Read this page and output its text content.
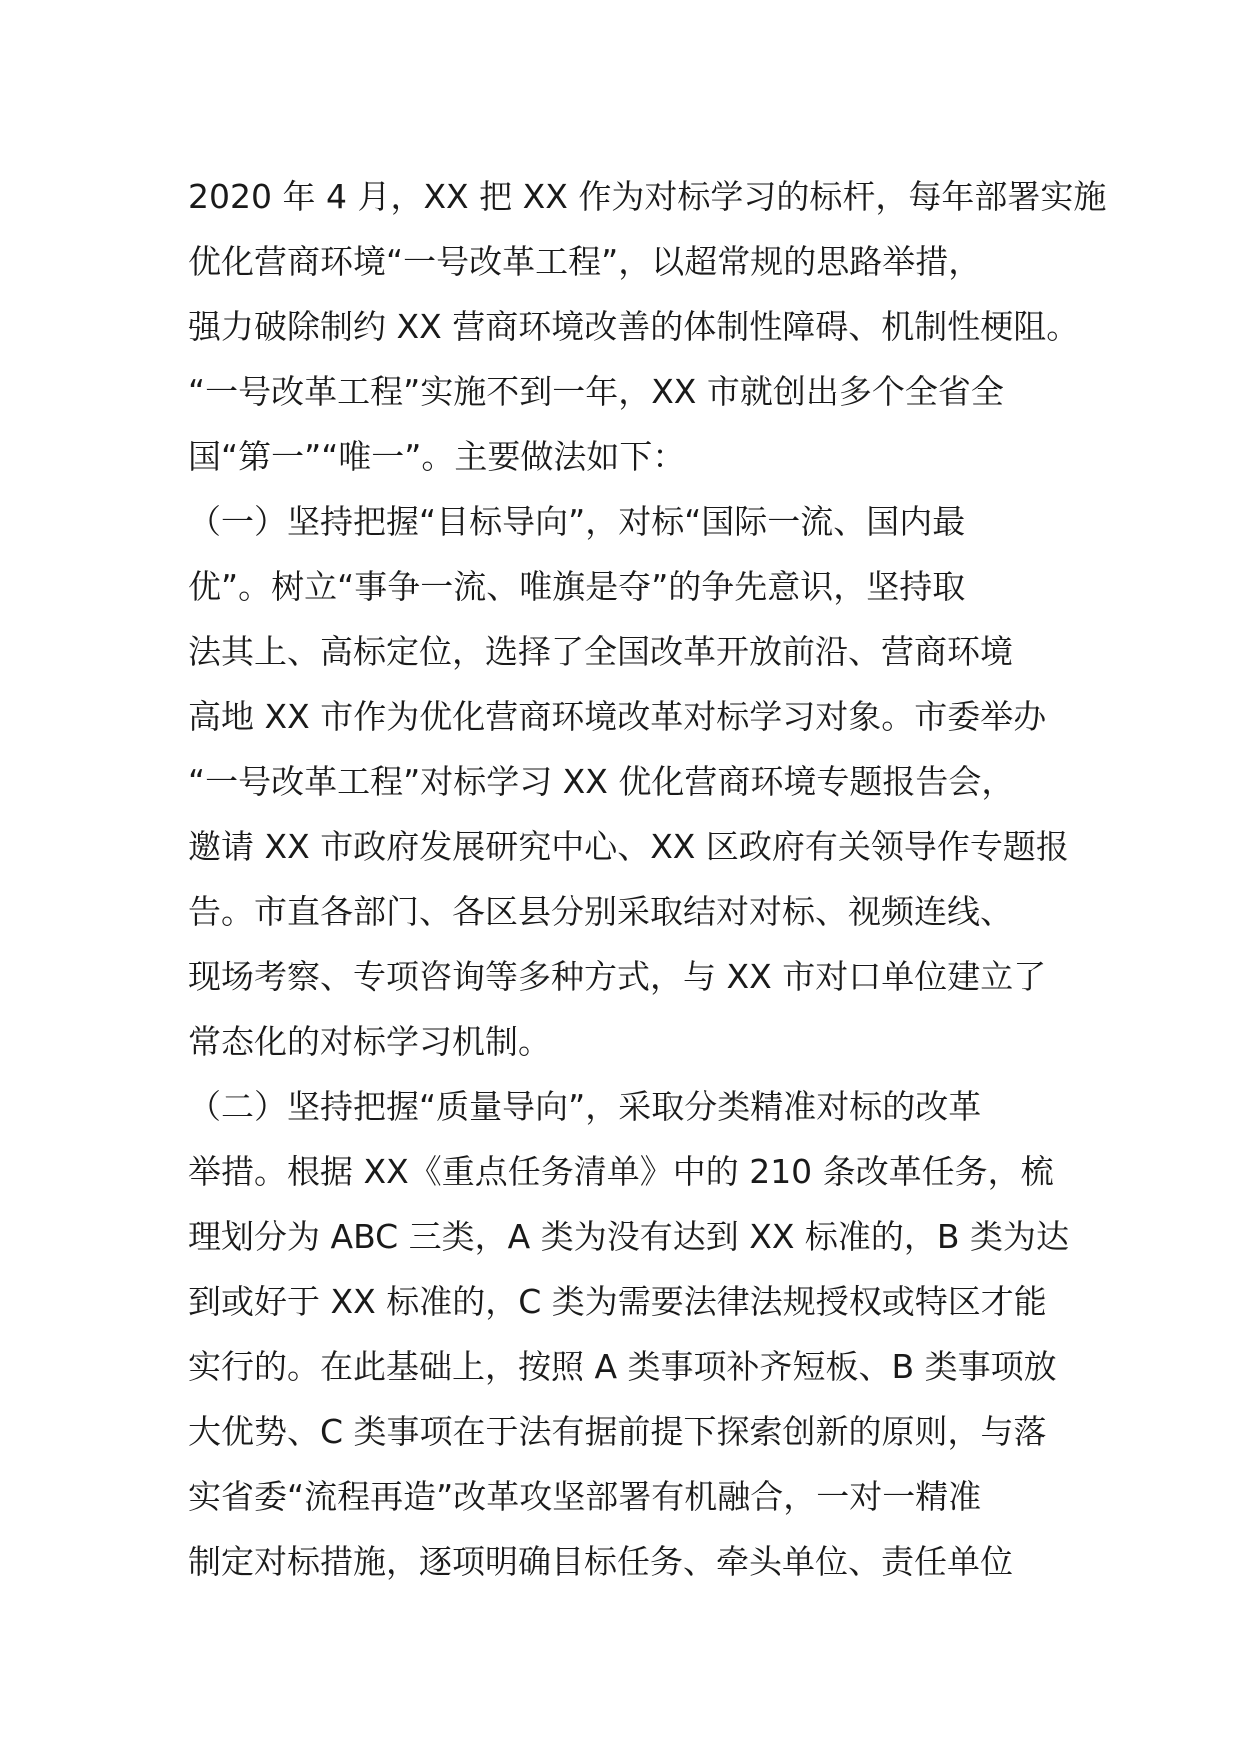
2020 年 4 月，XX 把 XX 作为对标学习的标杆，每年部署实施
优化营商环境“一号改革工程”，以超常规的思路举措，
强力破除制约 XX 营商环境改善的体制性障碍、机制性梗阻。
“一号改革工程”实施不到一年，XX 市就创出多个全省全
国“第一”“唯一”。主要做法如下：
（一）坚持把握“目标导向”，对标“国际一流、国内最
优”。树立“事争一流、唯旗是夺”的争先意识，坚持取
法其上、高标定位，选择了全国改革开放前沿、营商环境
高地 XX 市作为优化营商环境改革对标学习对象。市委举办
“一号改革工程”对标学习 XX 优化营商环境专题报告会，
邀请 XX 市政府发展研究中心、XX 区政府有关领导作专题报
告。市直各部门、各区县分别采取结对对标、视频连线、
现场考察、专项咨询等多种方式，与 XX 市对口单位建立了
常态化的对标学习机制。
（二）坚持把握“质量导向”，采取分类精准对标的改革
举措。根据 XX《重点任务清单》中的 210 条改革任务，梳
理划分为 ABC 三类，A 类为没有达到 XX 标准的，B 类为达
到或好于 XX 标准的，C 类为需要法律法规授权或特区才能
实行的。在此基础上，按照 A 类事项补齐短板、B 类事项放
大优势、C 类事项在于法有据前提下探索创新的原则，与落
实省委“流程再造”改革攻坚部署有机融合，一对一精准
制定对标措施，逐项明确目标任务、牵头单位、责任单位
